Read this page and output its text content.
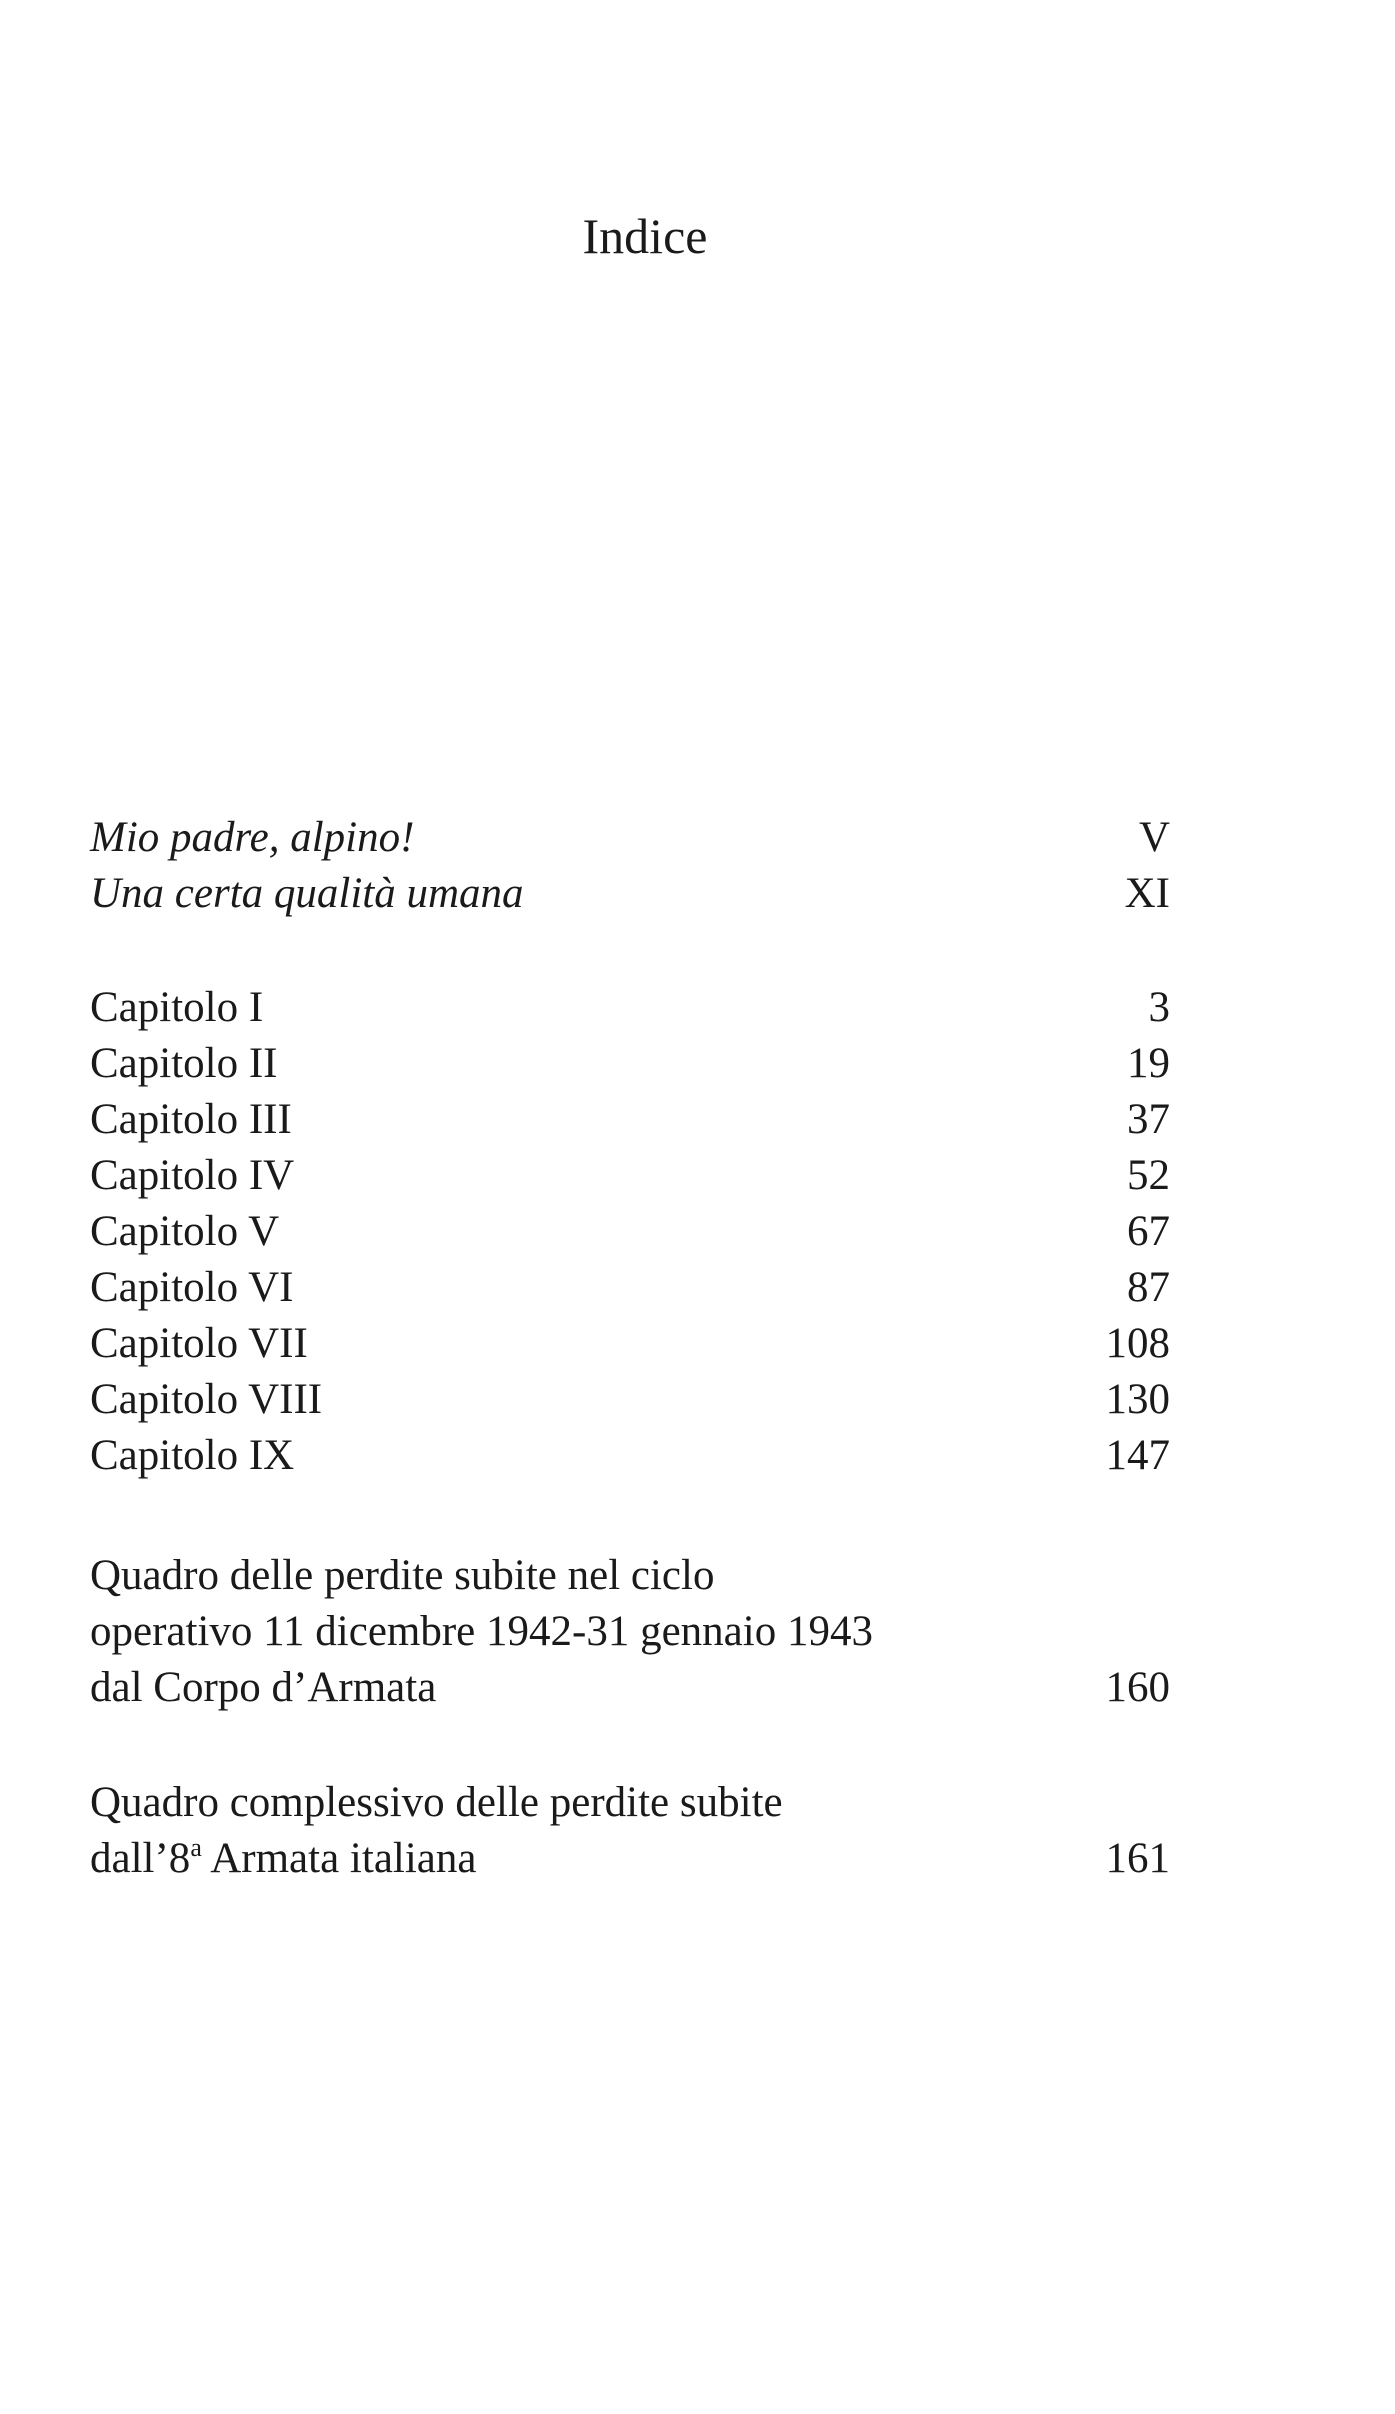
Indice
Mio padre, alpino!	V
Una certa qualità umana	XI
Capitolo I	3
Capitolo II	19
Capitolo III	37
Capitolo IV	52
Capitolo V	67
Capitolo VI	87
Capitolo VII	108
Capitolo VIII	130
Capitolo IX	147
Quadro delle perdite subite nel ciclo
operativo 11 dicembre 1942-31 gennaio 1943
dal Corpo d’Armata	160
Quadro complessivo delle perdite subite
dall’8$^a$ Armata italiana	161
